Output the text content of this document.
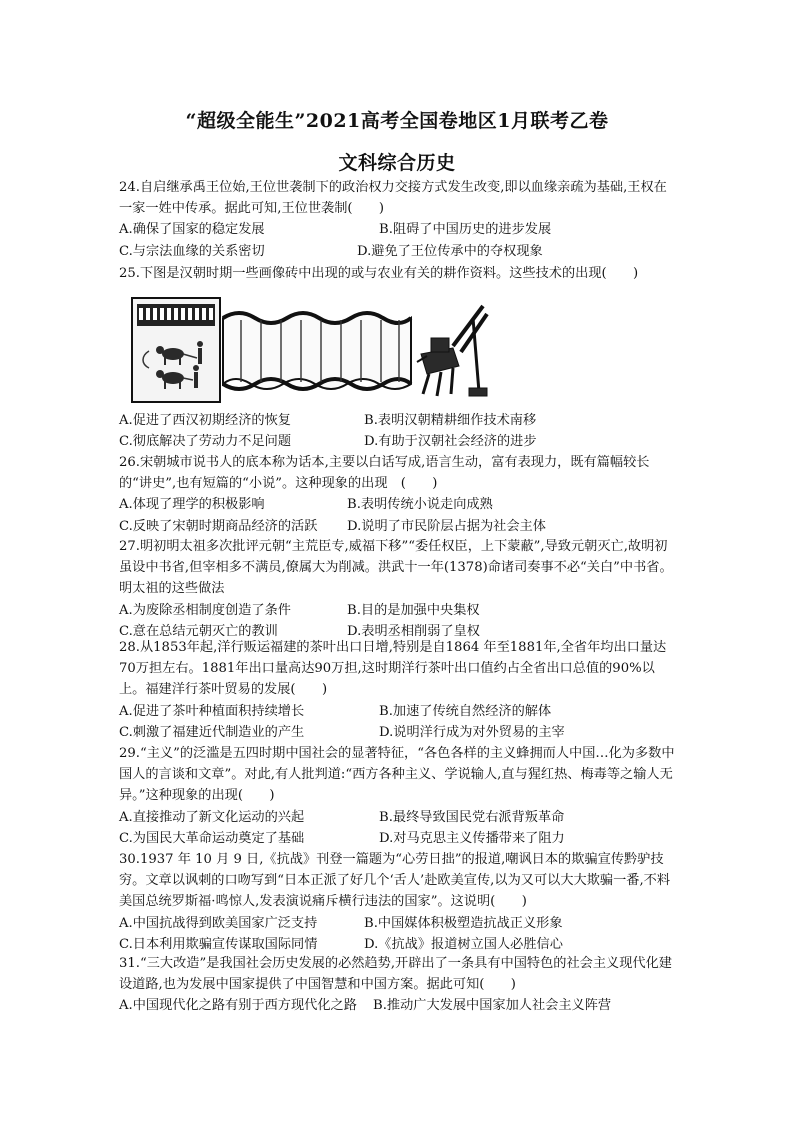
“超级全能生”2021高考全国卷地区1月联考乙卷
文科综合历史

24.自启继承禹王位始,王位世袭制下的政治权力交接方式发生改变,即以血缘亲疏为基础,王权在一家一姓中传承。据此可知,王位世袭制(　　)

A.确保了国家的稳定发展	B.阻碍了中国历史的进步发展
C.与宗法血缘的关系密切	D.避免了王位传承中的夺权现象

25.下图是汉朝时期一些画像砖中出现的或与农业有关的耕作资料。这些技术的出现(　　)

A.促进了西汉初期经济的恢复	B.表明汉朝精耕细作技术南移
C.彻底解决了劳动力不足问题	D.有助于汉朝社会经济的进步

26.宋朝城市说书人的底本称为话本,主要以白话写成,语言生动，富有表现力，既有篇幅较长的“讲史”,也有短篇的“小说”。这种现象的出现　(　　)

A.体现了理学的积极影响	B.表明传统小说走向成熟
C.反映了宋朝时期商品经济的活跃 D.说明了市民阶层占据为社会主体

27.明初明太祖多次批评元朝“主荒臣专,威福下移”“委任权臣，上下蒙蔽”,导致元朝灭亡,故明初虽设中书省,但宰相多不满员,僚属大为削减。洪武十一年(1378)命诸司奏事不必“关白”中书省。明太祖的这些做法

A.为废除丞相制度创造了条件	B.目的是加强中央集权
C.意在总结元朝灭亡的教训	D.表明丞相削弱了皇权

28.从1853年起,洋行贩运福建的茶叶出口日增,特别是自1864 年至1881年,全省年均出口量达70万担左右。1881年出口量高达90万担,这时期洋行茶叶出口值约占全省出口总值的90%以上。福建洋行茶叶贸易的发展(　　)

A.促进了茶叶种植面积持续增长	B.加速了传统自然经济的解体
C.刺激了福建近代制造业的产生	D.说明洋行成为对外贸易的主宰

29.“主义”的泛滥是五四时期中国社会的显著特征，“各色各样的主义蜂拥而人中国…化为多数中国人的言谈和文章”。对此,有人批判道:“西方各种主义、学说输人,直与猩红热、梅毒等之输人无异。”这种现象的出现(　　)

A.直接推动了新文化运动的兴起	B.最终导致国民党右派背叛革命
C.为国民大革命运动奠定了基础	D.对马克思主义传播带来了阻力

30.1937 年 10 月 9 日,《抗战》刊登一篇题为“心劳日拙”的报道,嘲讽日本的欺骗宣传黔驴技穷。文章以讽刺的口吻写到“日本正派了好几个‘舌人’赴欧美宣传,以为又可以大大欺骗一番,不料美国总统罗斯福·鸣惊人,发表演说痛斥横行违法的国家”。这说明(　　)

A.中国抗战得到欧美国家广泛支持	B.中国媒体积极塑造抗战正义形象
C.日本利用欺骗宣传谋取国际同情	D.《抗战》报道树立国人必胜信心

31.“三大改造”是我国社会历史发展的必然趋势,开辟出了一条具有中国特色的社会主义现代化建设道路,也为发展中国家提供了中国智慧和中国方案。据此可知(　　)

A.中国现代化之路有别于西方现代化之路 B.推动广大发展中国家加人社会主义阵营
